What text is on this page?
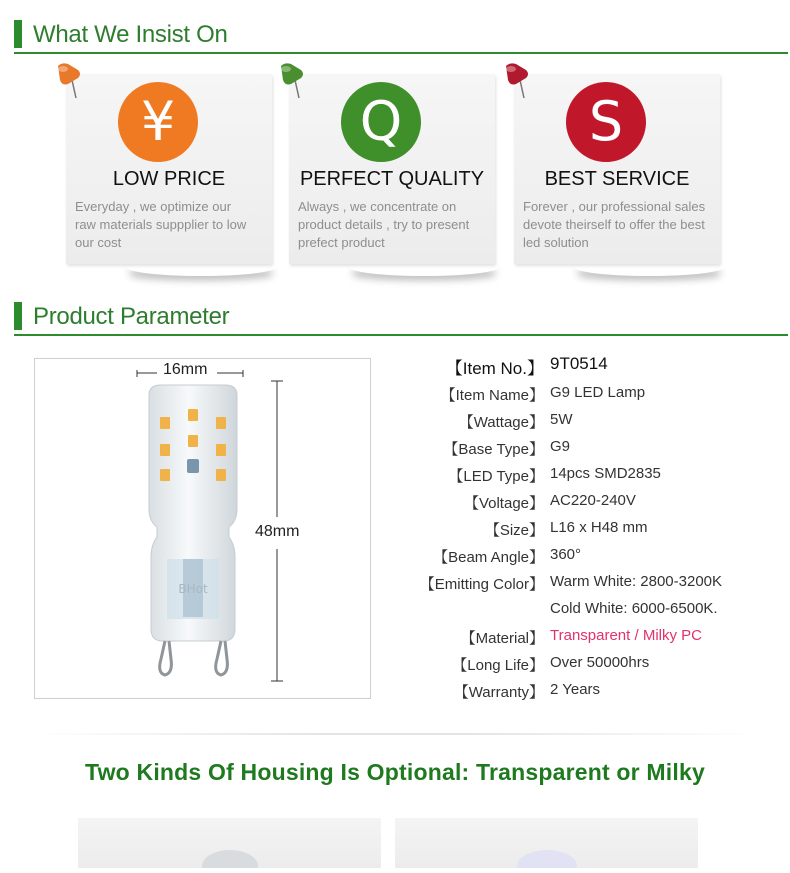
What We Insist On
¥
LOW PRICE
Everyday , we optimize our
raw materials suppplier to low
our cost
Q
PERFECT QUALITY
Always , we concentrate on
product details , try to present
prefect product
S
BEST SERVICE
Forever , our professional sales
devote theirself to offer the best
led solution
Product Parameter
BHot
16mm
48mm
【Item No.】 9T0514
【Item Name】 G9 LED Lamp
【Wattage】 5W
【Base Type】 G9
【LED Type】 14pcs SMD2835
【Voltage】 AC220-240V
【Size】 L16 x H48 mm
【Beam Angle】 360°
【Emitting Color】 Warm White: 2800-3200K
Cold White: 6000-6500K.
【Material】 Transparent / Milky PC
【Long Life】 Over 50000hrs
【Warranty】 2 Years
Two Kinds Of Housing Is Optional: Transparent or Milky
